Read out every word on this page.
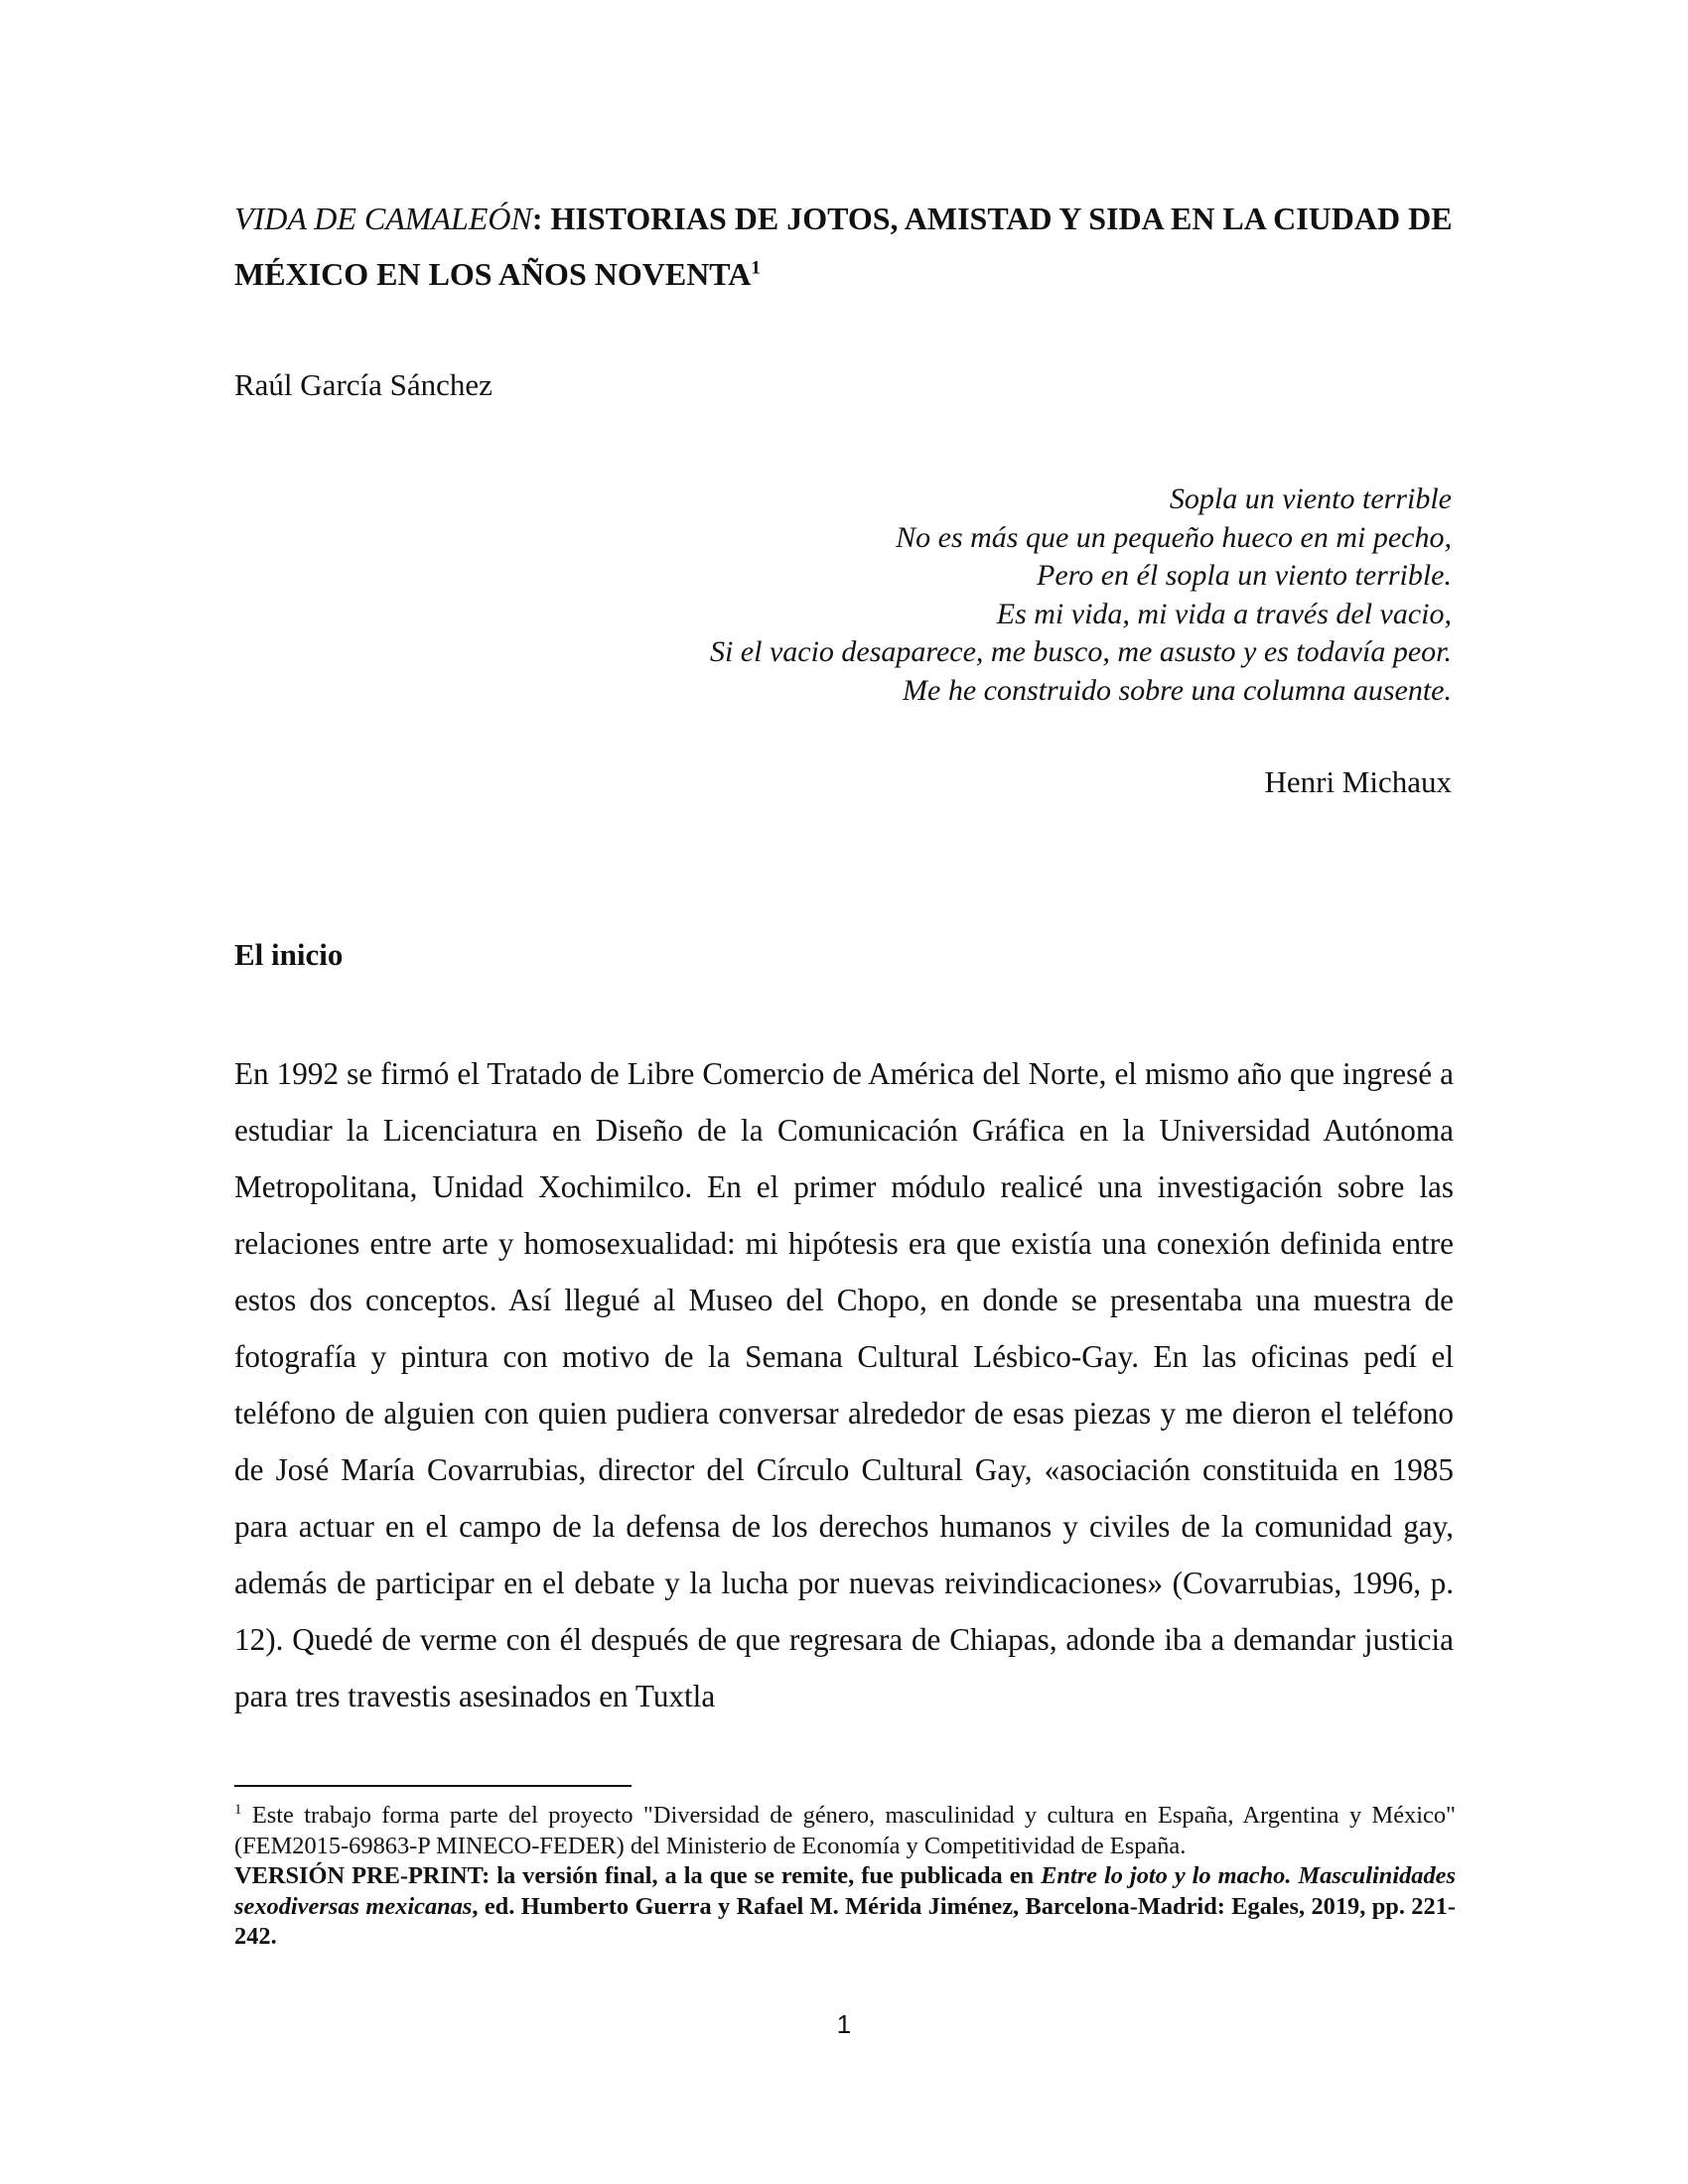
VIDA DE CAMALEÓN: HISTORIAS DE JOTOS, AMISTAD Y SIDA EN LA CIUDAD DE MÉXICO EN LOS AÑOS NOVENTA$^1$

Raúl García Sánchez

Sopla un viento terrible
No es más que un pequeño hueco en mi pecho,
Pero en él sopla un viento terrible.
Es mi vida, mi vida a través del vacio,
Si el vacio desaparece, me busco, me asusto y es todavía peor.
Me he construido sobre una columna ausente.

Henri Michaux

El inicio

En 1992 se firmó el Tratado de Libre Comercio de América del Norte, el mismo año que ingresé a estudiar la Licenciatura en Diseño de la Comunicación Gráfica en la Universidad Autónoma Metropolitana, Unidad Xochimilco. En el primer módulo realicé una investigación sobre las relaciones entre arte y homosexualidad: mi hipótesis era que existía una conexión definida entre estos dos conceptos. Así llegué al Museo del Chopo, en donde se presentaba una muestra de fotografía y pintura con motivo de la Semana Cultural Lésbico-Gay. En las oficinas pedí el teléfono de alguien con quien pudiera conversar alrededor de esas piezas y me dieron el teléfono de José María Covarrubias, director del Círculo Cultural Gay, «asociación constituida en 1985 para actuar en el campo de la defensa de los derechos humanos y civiles de la comunidad gay, además de participar en el debate y la lucha por nuevas reivindicaciones» (Covarrubias, 1996, p. 12). Quedé de verme con él después de que regresara de Chiapas, adonde iba a demandar justicia para tres travestis asesinados en Tuxtla

$^1$ Este trabajo forma parte del proyecto "Diversidad de género, masculinidad y cultura en España, Argentina y México" (FEM2015-69863-P MINECO-FEDER) del Ministerio de Economía y Competitividad de España.
VERSIÓN PRE-PRINT: la versión final, a la que se remite, fue publicada en Entre lo joto y lo macho. Masculinidades sexodiversas mexicanas, ed. Humberto Guerra y Rafael M. Mérida Jiménez, Barcelona-Madrid: Egales, 2019, pp. 221-242.

1
